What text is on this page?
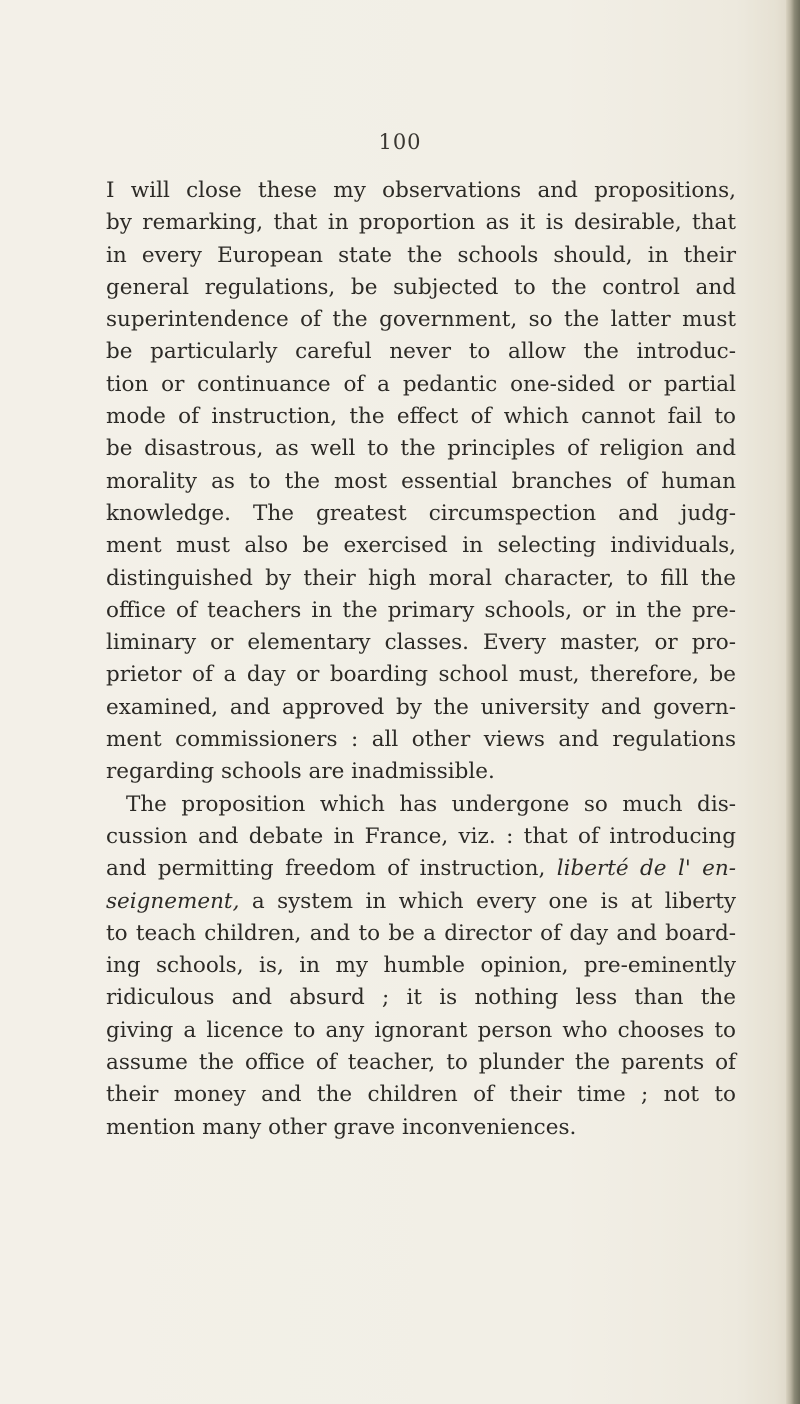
100
I will close these my observations and propositions,
by remarking, that in proportion as it is desirable, that
in every European state the schools should, in their
general regulations, be subjected to the control and
superintendence of the government, so the latter must
be particularly careful never to allow the introduc-
tion or continuance of a pedantic one-sided or partial
mode of instruction, the effect of which cannot fail to
be disastrous, as well to the principles of religion and
morality as to the most essential branches of human
knowledge. The greatest circumspection and judg-
ment must also be exercised in selecting individuals,
distinguished by their high moral character, to fill the
office of teachers in the primary schools, or in the pre-
liminary or elementary classes. Every master, or pro-
prietor of a day or boarding school must, therefore, be
examined, and approved by the university and govern-
ment commissioners : all other views and regulations
regarding schools are inadmissible.
The proposition which has undergone so much dis-
cussion and debate in France, viz. : that of introducing
and permitting freedom of instruction, liberté de l' en-
seignement, a system in which every one is at liberty
to teach children, and to be a director of day and board-
ing schools, is, in my humble opinion, pre-eminently
ridiculous and absurd ; it is nothing less than the
giving a licence to any ignorant person who chooses to
assume the office of teacher, to plunder the parents of
their money and the children of their time ; not to
mention many other grave inconveniences.
